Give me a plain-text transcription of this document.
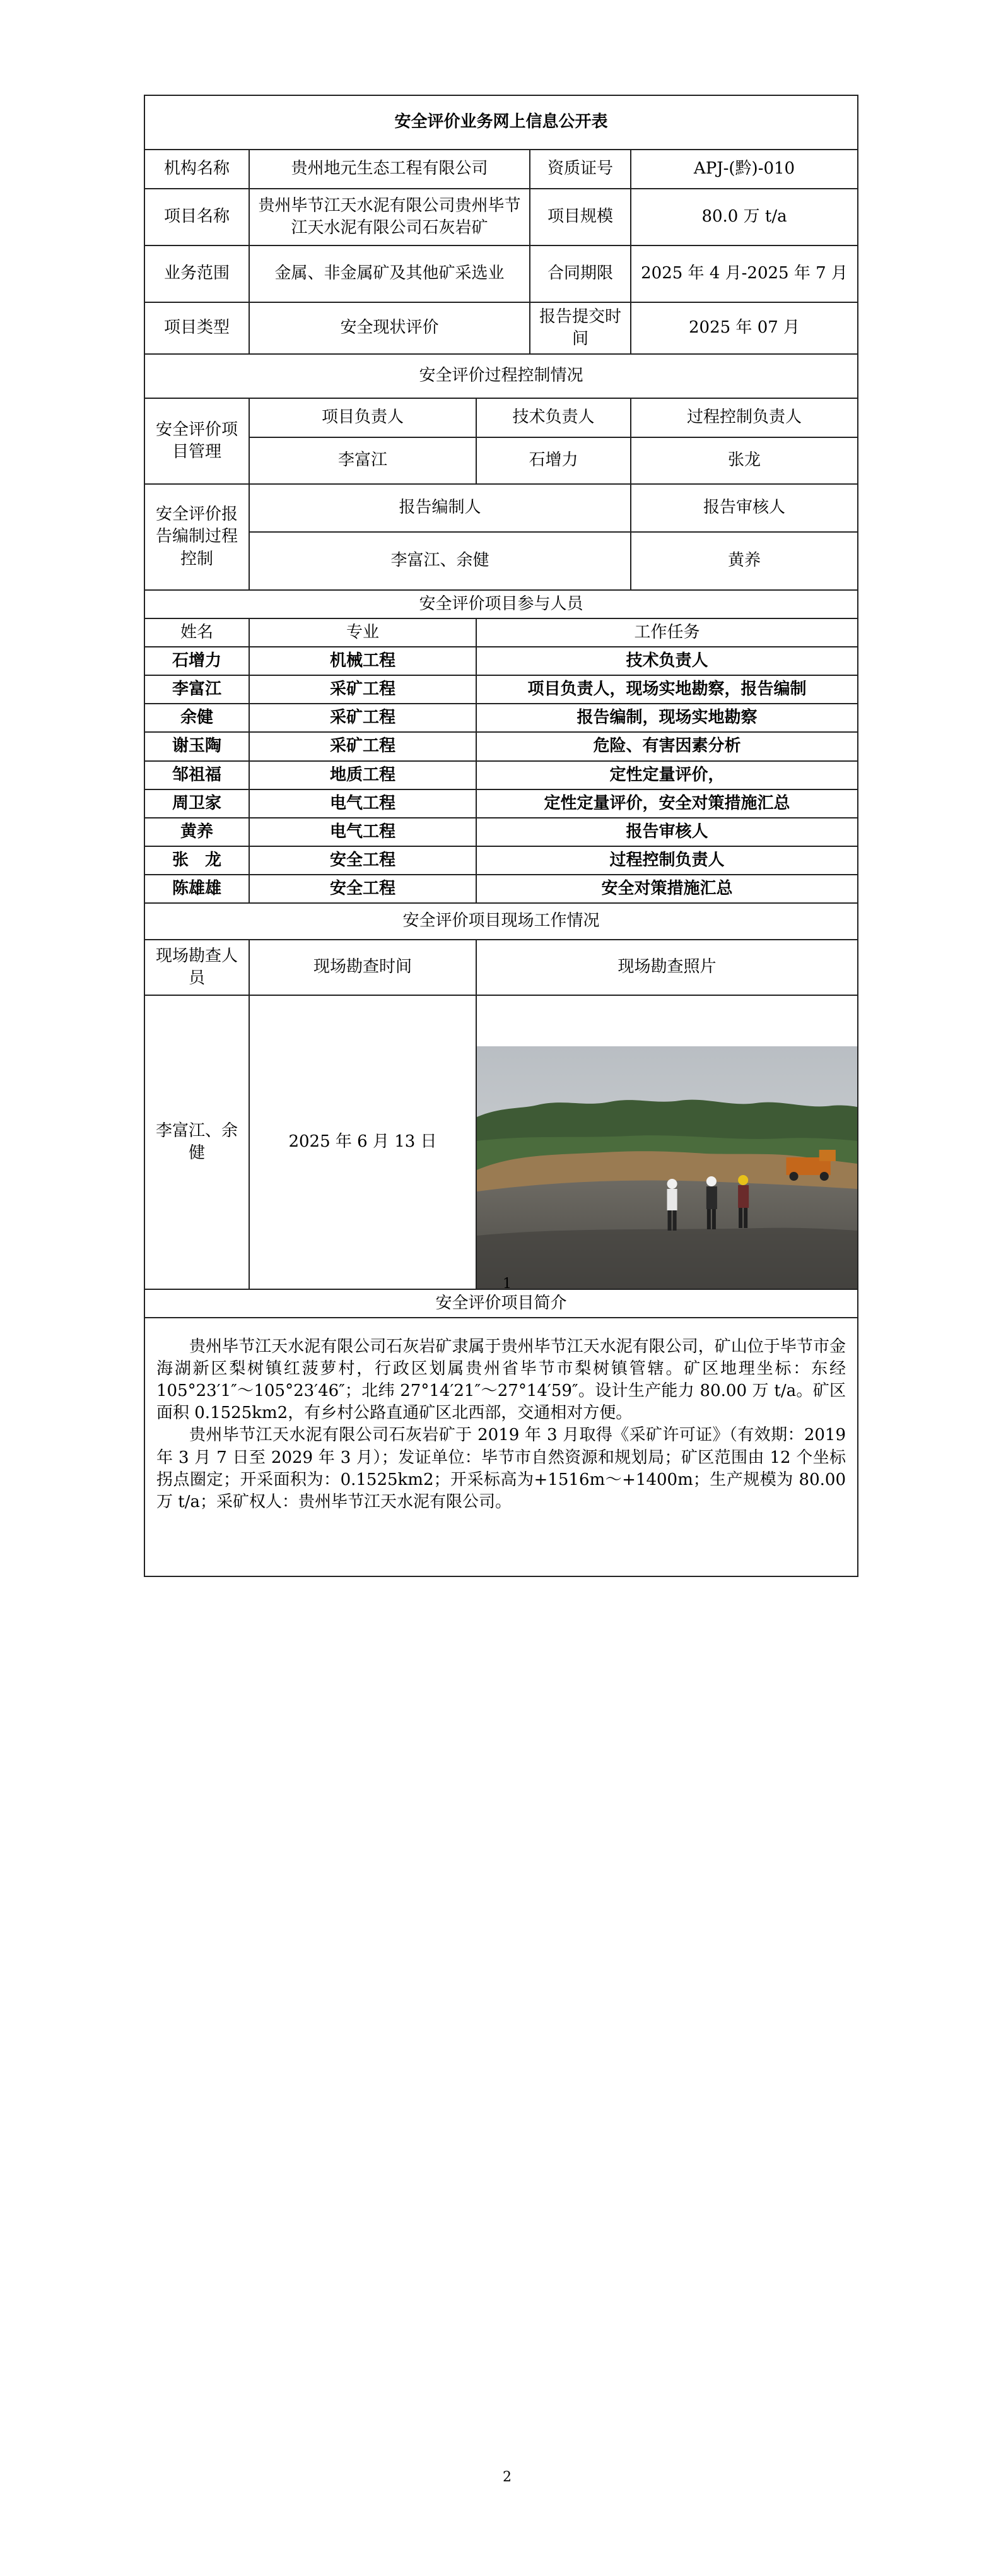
安全评价业务网上信息公开表				
机构名称	贵州地元生态工程有限公司		资质证号	APJ-(黔)-010
项目名称	贵州毕节江天水泥有限公司贵州毕节江天水泥有限公司石灰岩矿		项目规模	80.0 万 t/a
业务范围	金属、非金属矿及其他矿采选业		合同期限	2025 年 4 月-2025 年 7 月
项目类型	安全现状评价		报告提交时间	2025 年 07 月
安全评价过程控制情况				
安全评价项目管理	项目负责人	技术负责人		过程控制负责人
	李富江	石增力		张龙
安全评价报告编制过程控制	报告编制人			报告审核人
	李富江、余健			黄养
安全评价项目参与人员				
姓名	专业	工作任务		
石增力	机械工程	技术负责人		
李富江	采矿工程	项目负责人，现场实地勘察，报告编制		
余健	采矿工程	报告编制，现场实地勘察		
谢玉陶	采矿工程	危险、有害因素分析		
邹祖福	地质工程	定性定量评价，		
周卫家	电气工程	定性定量评价，安全对策措施汇总		
黄养	电气工程	报告审核人		
张　龙	安全工程	过程控制负责人		
陈雄雄	安全工程	安全对策措施汇总		
安全评价项目现场工作情况				
现场勘查人员	现场勘查时间	现场勘查照片		
李富江、余健	2025 年 6 月 13 日	
1
安全评价项目简介

贵州毕节江天水泥有限公司石灰岩矿隶属于贵州毕节江天水泥有限公司，矿山位于毕节市金海湖新区梨树镇红菠萝村，行政区划属贵州省毕节市梨树镇管辖。矿区地理坐标：东经 105°23′1″～105°23′46″；北纬 27°14′21″～27°14′59″。设计生产能力 80.00 万 t/a。矿区面积 0.1525km2，有乡村公路直通矿区北西部，交通相对方便。

贵州毕节江天水泥有限公司石灰岩矿于 2019 年 3 月取得《采矿许可证》（有效期：2019 年 3 月 7 日至 2029 年 3 月）；发证单位：毕节市自然资源和规划局；矿区范围由 12 个坐标拐点圈定；开采面积为：0.1525km2；开采标高为+1516m～+1400m；生产规模为 80.00 万 t/a；采矿权人：贵州毕节江天水泥有限公司。

2
